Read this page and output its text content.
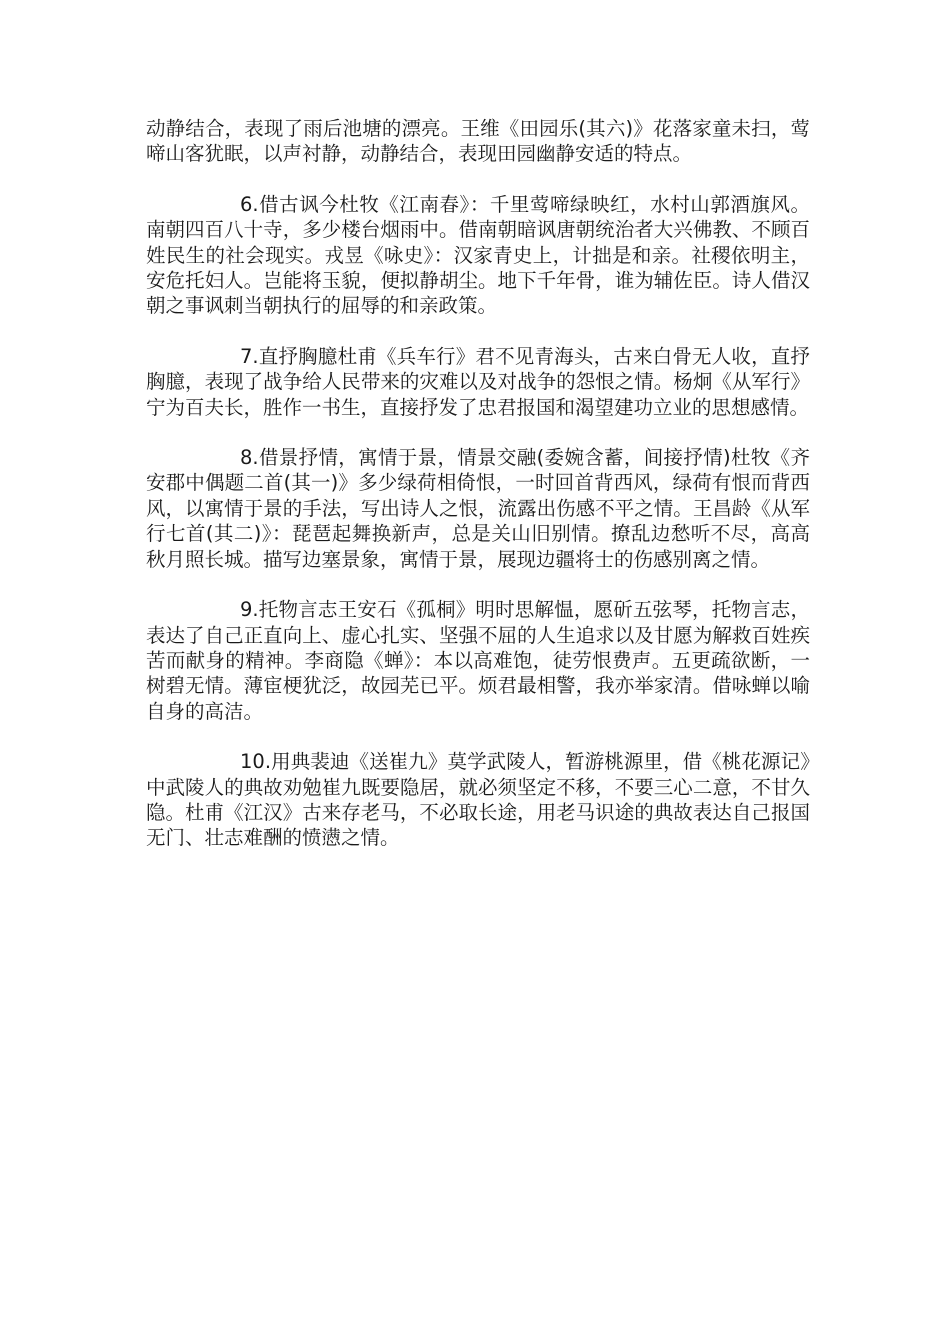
动静结合，表现了雨后池塘的漂亮。王维《田园乐(其六)》花落家童未扫，莺啼山客犹眠，以声衬静，动静结合，表现田园幽静安适的特点。

6.借古讽今杜牧《江南春》：千里莺啼绿映红，水村山郭酒旗风。南朝四百八十寺，多少楼台烟雨中。借南朝暗讽唐朝统治者大兴佛教、不顾百姓民生的社会现实。戎昱《咏史》：汉家青史上，计拙是和亲。社稷依明主，安危托妇人。岂能将玉貌，便拟静胡尘。地下千年骨，谁为辅佐臣。诗人借汉朝之事讽刺当朝执行的屈辱的和亲政策。

7.直抒胸臆杜甫《兵车行》君不见青海头，古来白骨无人收，直抒胸臆，表现了战争给人民带来的灾难以及对战争的怨恨之情。杨炯《从军行》宁为百夫长，胜作一书生，直接抒发了忠君报国和渴望建功立业的思想感情。

8.借景抒情，寓情于景，情景交融(委婉含蓄，间接抒情)杜牧《齐安郡中偶题二首(其一)》多少绿荷相倚恨，一时回首背西风，绿荷有恨而背西风，以寓情于景的手法，写出诗人之恨，流露出伤感不平之情。王昌龄《从军行七首(其二)》：琵琶起舞换新声，总是关山旧别情。撩乱边愁听不尽，高高秋月照长城。描写边塞景象，寓情于景，展现边疆将士的伤感别离之情。

9.托物言志王安石《孤桐》明时思解愠，愿斫五弦琴，托物言志，表达了自己正直向上、虚心扎实、坚强不屈的人生追求以及甘愿为解救百姓疾苦而献身的精神。李商隐《蝉》：本以高难饱，徒劳恨费声。五更疏欲断，一树碧无情。薄宦梗犹泛，故园芜已平。烦君最相警，我亦举家清。借咏蝉以喻自身的高洁。

10.用典裴迪《送崔九》莫学武陵人，暂游桃源里，借《桃花源记》中武陵人的典故劝勉崔九既要隐居，就必须坚定不移，不要三心二意，不甘久隐。杜甫《江汉》古来存老马，不必取长途，用老马识途的典故表达自己报国无门、壮志难酬的愤懑之情。
